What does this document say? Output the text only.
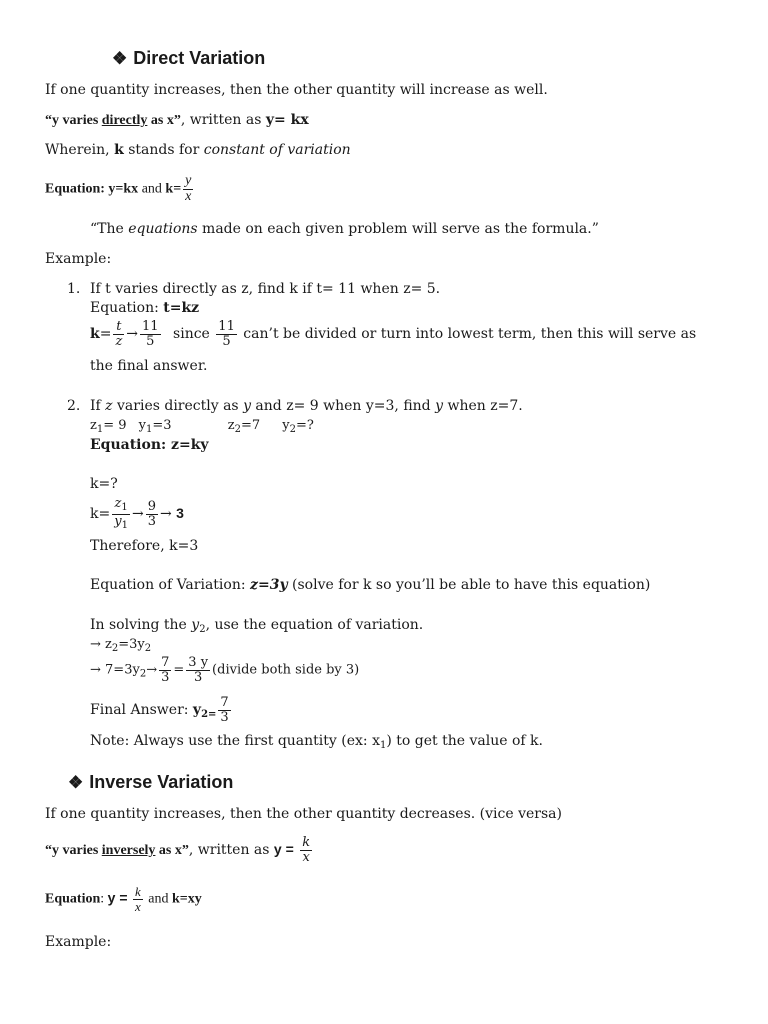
❖ Direct Variation
If one quantity increases, then the other quantity will increase as well.
“y varies directly as x”, written as y= kx
Wherein, k stands for constant of variation
Equation: y=kx and $k= \frac{y}{x}$
“The equations made on each given problem will serve as the formula.”
Example:
1. If t varies directly as z, find k if t= 11 when z= 5.
Equation: t=kz
$k= \frac{t}{z} \to \frac{11}{5}$ since $\frac{11}{5}$ can’t be divided or turn into lowest term, then this will serve as
the final answer.
2. If z varies directly as y and z= 9 when y=3, find y when z=7.
$z_1= 9$ $y_1=3$	$z_2=7$ $y_2=$?
Equation: z=ky
k=?
$k= \frac{z_1}{y_1} \to \frac{9}{3} \to 3$
Therefore, k=3
Equation of Variation: z=3y (solve for k so you’ll be able to have this equation)
In solving the $y_2$, use the equation of variation.
→ $z_2=3y_2$
→ $7=3y_2\to \frac{7}{3} = \frac{3 y}{3}$ (divide both side by 3)
Final Answer: $y_{2=} \frac{7}{3}$
Note: Always use the first quantity (ex: $x_1$) to get the value of k.
❖ Inverse Variation
If one quantity increases, then the other quantity decreases. (vice versa)
“y varies inversely as x”, written as $y = \frac{k}{x}$
Equation: $y = \frac{k}{x}$ and k=xy
Example:
